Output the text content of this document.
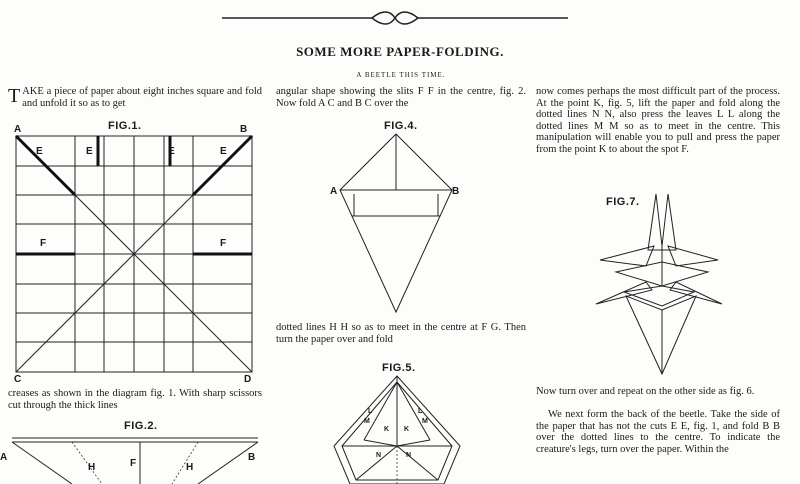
SOME MORE PAPER-FOLDING.
A BEETLE THIS TIME.
TAKE a piece of paper about eight inches square and fold and unfold it so as to get
FIG.1.
A	B
C	D
E	E	E	E
F	F
creases as shown in the diagram fig. 1. With sharp scissors cut through the thick lines
FIG.2.
A	B
H	F	H
angular shape showing the slits F F in the centre, fig. 2. Now fold A C and B C over the
FIG.4.
A	B
dotted lines H H so as to meet in the centre at F G. Then turn the paper over and fold
FIG.5.
L
M
L
M
K K
N	N
now comes perhaps the most difficult part of the process. At the point K, fig. 5, lift the paper and fold along the dotted lines N N, also press the leaves L L along the dotted lines M M so as to meet in the centre. This manipulation will enable you to pull and press the paper from the point K to about the spot F.
FIG.7.
Now turn over and repeat on the other side as fig. 6.
We next form the back of the beetle. Take the side of the paper that has not the cuts E E, fig. 1, and fold B B over the dotted lines to the centre. To indicate the creature's legs, turn over the paper. Within the
